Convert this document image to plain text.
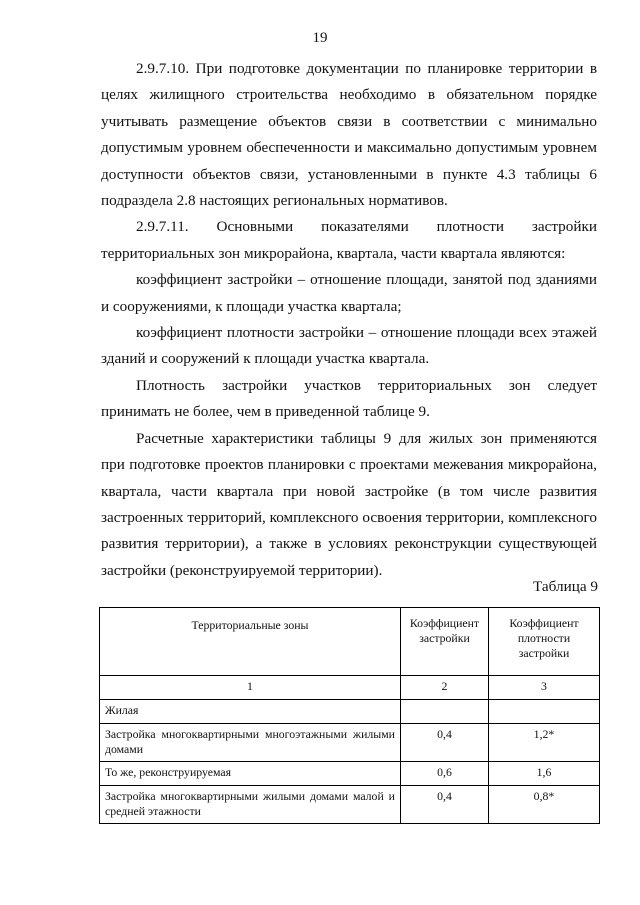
19

2.9.7.10. При подготовке документации по планировке территории в целях жилищного строительства необходимо в обязательном порядке учитывать размещение объектов связи в соответствии с минимально допустимым уровнем обеспеченности и максимально допустимым уровнем доступности объектов связи, установленными в пункте 4.3 таблицы 6 подраздела 2.8 настоящих региональных нормативов.

2.9.7.11. Основными показателями плотности застройки территориальных зон микрорайона, квартала, части квартала являются:

коэффициент застройки – отношение площади, занятой под зданиями и сооружениями, к площади участка квартала;

коэффициент плотности застройки – отношение площади всех этажей зданий и сооружений к площади участка квартала.

Плотность застройки участков территориальных зон следует принимать не более, чем в приведенной таблице 9.

Расчетные характеристики таблицы 9 для жилых зон применяются при подготовке проектов планировки с проектами межевания микрорайона, квартала, части квартала при новой застройке (в том числе развития застроенных территорий, комплексного освоения территории, комплексного развития территории), а также в условиях реконструкции существующей застройки (реконструируемой территории).

Таблица 9
Территориальные зоны	Коэффициент застройки	Коэффициент плотности застройки
1	2	3
Жилая		
Застройка многоквартирными многоэтажными жилыми домами	0,4	1,2*
То же, реконструируемая	0,6	1,6
Застройка многоквартирными жилыми домами малой и средней этажности	0,4	0,8*
